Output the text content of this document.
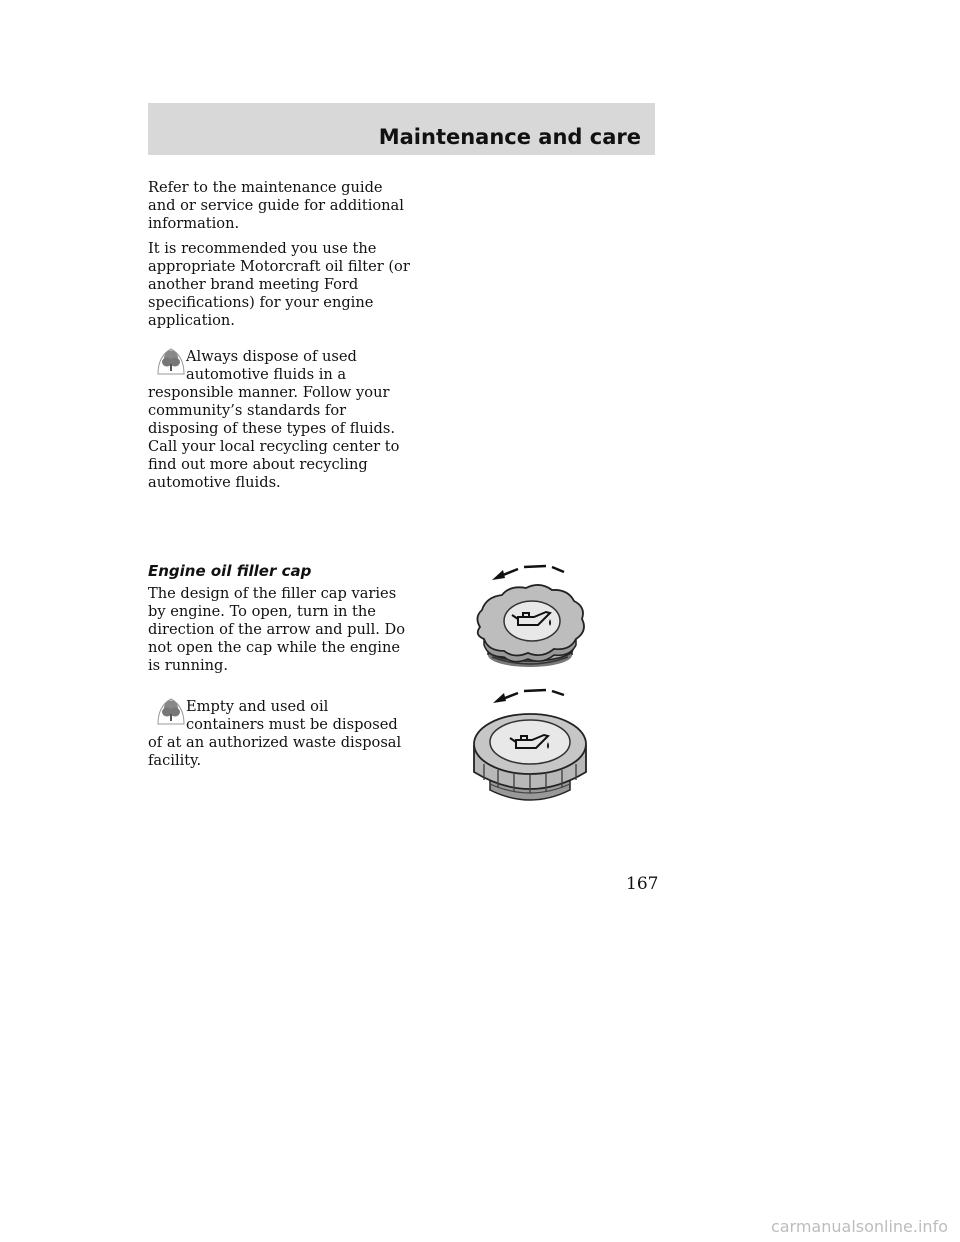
Maintenance and care
Refer to the maintenance guide
and or service guide for additional
information.
It is recommended you use the
appropriate Motorcraft oil filter (or
another brand meeting Ford
specifications) for your engine
application.
Always dispose of used
automotive fluids in a
responsible manner. Follow your
community’s standards for
disposing of these types of fluids.
Call your local recycling center to
find out more about recycling
automotive fluids.
Engine oil filler cap
The design of the filler cap varies
by engine. To open, turn in the
direction of the arrow and pull. Do
not open the cap while the engine
is running.
Empty and used oil
containers must be disposed
of at an authorized waste disposal
facility.
167
carmanualsonline.info
